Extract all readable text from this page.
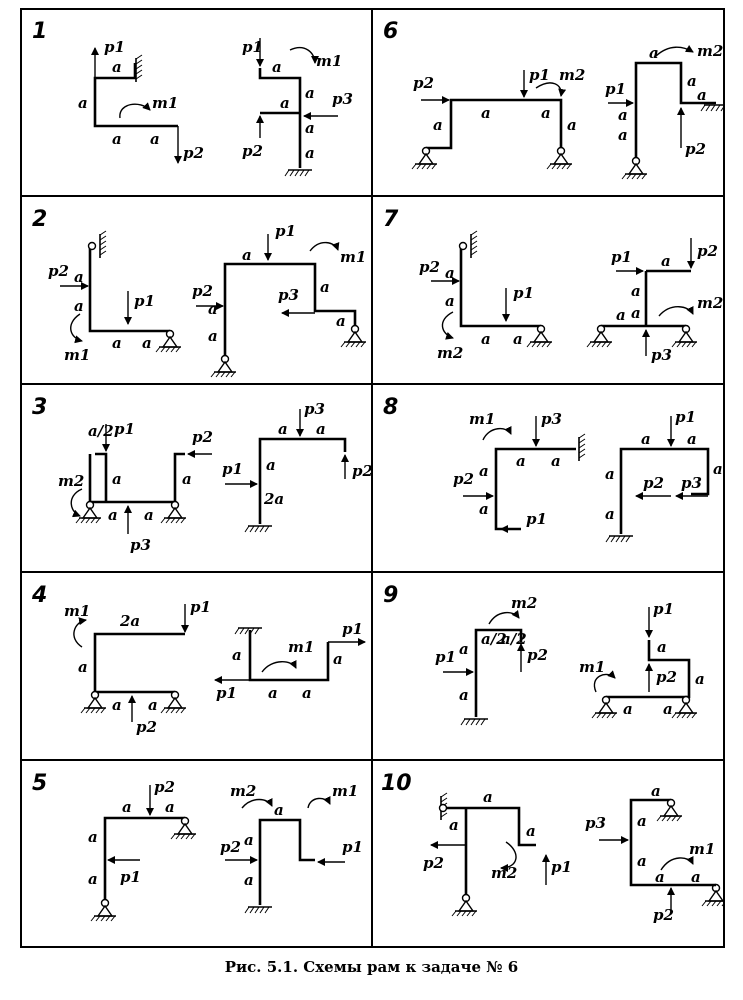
1
p1
a
a	m1
a a
p2
p1
a m1
a
a
a
p3
p2	a
6
p2
a
p1 m2
a	a
a
a	m2
p1
a
a
a
a
p2
2
p2 a
a	p1
m1
a a
p1
a	m1
p2
a
a
p3 a
a
7
p2 a
a	p1
m2
a a
p1 a
p2
a
a a
m2
p3
3
a/2 p1	p2
m2 a	a
a a
p3
p3
a a
p1 a	p2
2a
8	m1	p3
a a
p2 a
a
p1
p1
a a
a p2 p3
a
a
4
m1
2a
p1
a
a a
p2
a	m1
p1 a a
a
p1
9	m2
a
a/2
a/2
p2
p1
a
p1
a
m1
p2 a
a a
5	p2
a a
a
a p1
m2	m1
a
a
p2	p1
a
10
a
a	a
m2
p2	p1
p3
a
a
a
m1
a a
p2
Рис. 5.1. Схемы рам к задаче № 6
